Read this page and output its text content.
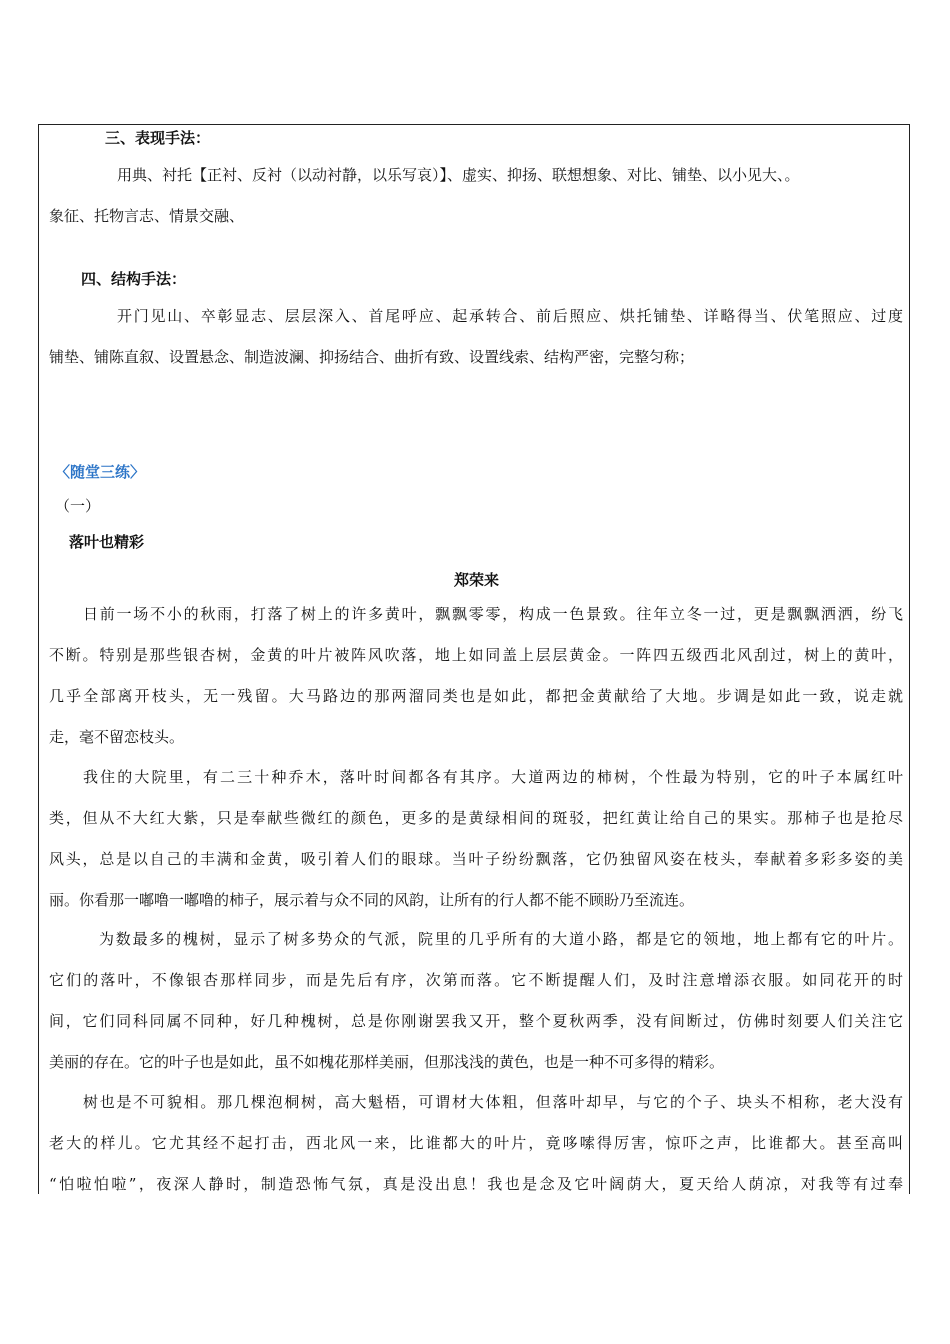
三、表现手法：
用典、衬托【正衬、反衬（以动衬静，以乐写哀）】、虚实、抑扬、联想想象、对比、铺垫、以小见大、。
象征、托物言志、情景交融、
四、结构手法：
开门见山、卒彰显志、层层深入、首尾呼应、起承转合、前后照应、烘托铺垫、详略得当、伏笔照应、过度
铺垫、铺陈直叙、设置悬念、制造波澜、抑扬结合、曲折有致、设置线索、结构严密，完整匀称；
〈随堂三练〉
（一）
落叶也精彩
郑荣来
日前一场不小的秋雨，打落了树上的许多黄叶，飘飘零零，构成一色景致。往年立冬一过，更是飘飘洒洒，纷飞
不断。特别是那些银杏树，金黄的叶片被阵风吹落，地上如同盖上层层黄金。一阵四五级西北风刮过，树上的黄叶，
几乎全部离开枝头，无一残留。大马路边的那两溜同类也是如此，都把金黄献给了大地。步调是如此一致，说走就
走，毫不留恋枝头。
我住的大院里，有二三十种乔木，落叶时间都各有其序。大道两边的柿树，个性最为特别，它的叶子本属红叶
类，但从不大红大紫，只是奉献些微红的颜色，更多的是黄绿相间的斑驳，把红黄让给自己的果实。那柿子也是抢尽
风头，总是以自己的丰满和金黄，吸引着人们的眼球。当叶子纷纷飘落，它仍独留风姿在枝头，奉献着多彩多姿的美
丽。你看那一嘟噜一嘟噜的柿子，展示着与众不同的风韵，让所有的行人都不能不顾盼乃至流连。
为数最多的槐树，显示了树多势众的气派，院里的几乎所有的大道小路，都是它的领地，地上都有它的叶片。
它们的落叶，不像银杏那样同步，而是先后有序，次第而落。它不断提醒人们，及时注意增添衣服。如同花开的时
间，它们同科同属不同种，好几种槐树，总是你刚谢罢我又开，整个夏秋两季，没有间断过，仿佛时刻要人们关注它
美丽的存在。它的叶子也是如此，虽不如槐花那样美丽，但那浅浅的黄色，也是一种不可多得的精彩。
树也是不可貌相。那几棵泡桐树，高大魁梧，可谓材大体粗，但落叶却早，与它的个子、块头不相称，老大没有
老大的样儿。它尤其经不起打击，西北风一来，比谁都大的叶片，竟哆嗦得厉害，惊吓之声，比谁都大。甚至高叫
“怕啦怕啦”，夜深人静时，制造恐怖气氛，真是没出息！我也是念及它叶阔荫大，夏天给人荫凉，对我等有过奉
